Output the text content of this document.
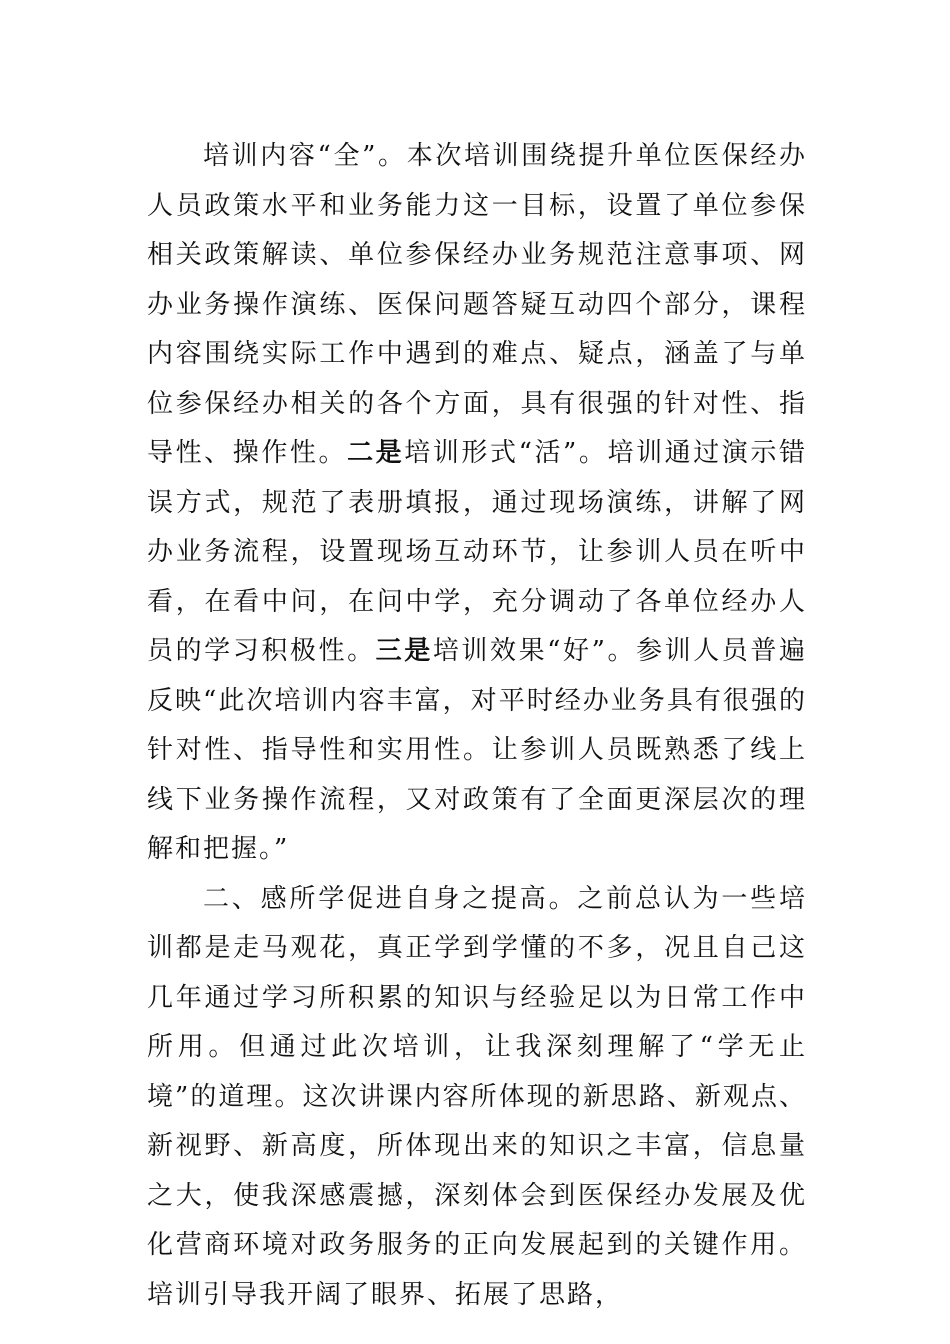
培训内容“全”。本次培训围绕提升单位医保经办人员政策水平和业务能力这一目标，设置了单位参保相关政策解读、单位参保经办业务规范注意事项、网办业务操作演练、医保问题答疑互动四个部分，课程内容围绕实际工作中遇到的难点、疑点，涵盖了与单位参保经办相关的各个方面，具有很强的针对性、指导性、操作性。二是培训形式“活”。培训通过演示错误方式，规范了表册填报，通过现场演练，讲解了网办业务流程，设置现场互动环节，让参训人员在听中看，在看中问，在问中学，充分调动了各单位经办人员的学习积极性。三是培训效果“好”。参训人员普遍反映“此次培训内容丰富，对平时经办业务具有很强的针对性、指导性和实用性。让参训人员既熟悉了线上线下业务操作流程，又对政策有了全面更深层次的理解和把握。”

二、感所学促进自身之提高。之前总认为一些培训都是走马观花，真正学到学懂的不多，况且自己这几年通过学习所积累的知识与经验足以为日常工作中所用。但通过此次培训，让我深刻理解了“学无止境”的道理。这次讲课内容所体现的新思路、新观点、新视野、新高度，所体现出来的知识之丰富，信息量之大，使我深感震撼，深刻体会到医保经办发展及优化营商环境对政务服务的正向发展起到的关键作用。培训引导我开阔了眼界、拓展了思路，
